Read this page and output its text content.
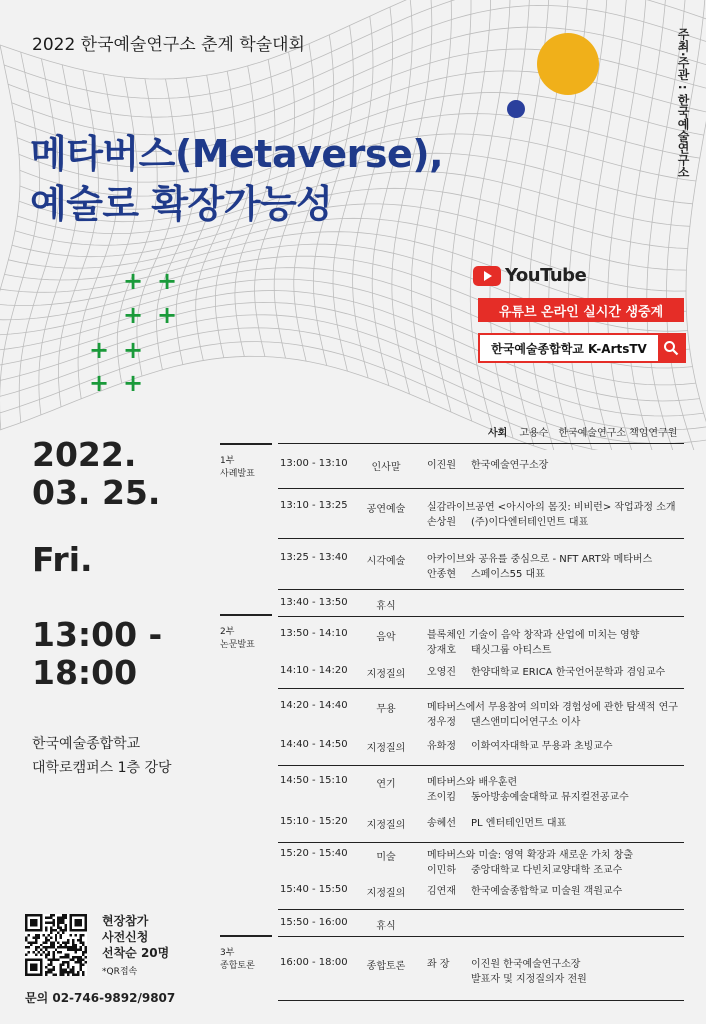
2022 한국예술연구소 춘계 학술대회
메타버스(Metaverse),
예술로 확장가능성
주최·주관 : 한국예술연구소
+ +
+ +
+ +
+ +
YouTube
유튜브 온라인 실시간 생중계
한국예술종합학교 K-ArtsTV
2022.
03. 25.
Fri.
13:00 -
18:00
한국예술종합학교
대학로캠퍼스 1층 강당
현장참가
사전신청
선착순 20명
*QR접속
문의 02-746-9892/9807
사회 고용수 한국예술연구소 책임연구원
1부
사례발표
2부
논문발표
3부
종합토론
13:00 - 13:10	인사말	이진원 한국예술연구소장
13:10 - 13:25	공연예술	실감라이브공연 <아시아의 몸짓: 비비런> 작업과정 소개
손상원 (주)이다엔터테인먼트 대표
13:25 - 13:40	시각예술	아카이브와 공유를 중심으로 - NFT ART와 메타버스
안종현 스페이스55 대표
13:40 - 13:50	휴식
13:50 - 14:10	음악	블록체인 기술이 음악 창작과 산업에 미치는 영향
장재호 태싯그룹 아티스트
14:10 - 14:20	지정질의	오영진 한양대학교 ERICA 한국언어문학과 겸임교수
14:20 - 14:40	무용	메타버스에서 무용참여 의미와 경험성에 관한 탐색적 연구
정우정 댄스앤미디어연구소 이사
14:40 - 14:50	지정질의	유화정 이화여자대학교 무용과 초빙교수
14:50 - 15:10	연기	메타버스와 배우훈련
조이킴 동아방송예술대학교 뮤지컬전공교수
15:10 - 15:20	지정질의	송혜선 PL 엔터테인먼트 대표
15:20 - 15:40	미술	메타버스와 미술: 영역 확장과 새로운 가치 창출
이민하 중앙대학교 다빈치교양대학 조교수
15:40 - 15:50	지정질의	김연재 한국예술종합학교 미술원 객원교수
15:50 - 16:00	휴식
16:00 - 18:00	종합토론	좌 장 이진원 한국예술연구소장
발표자 및 지정질의자 전원
